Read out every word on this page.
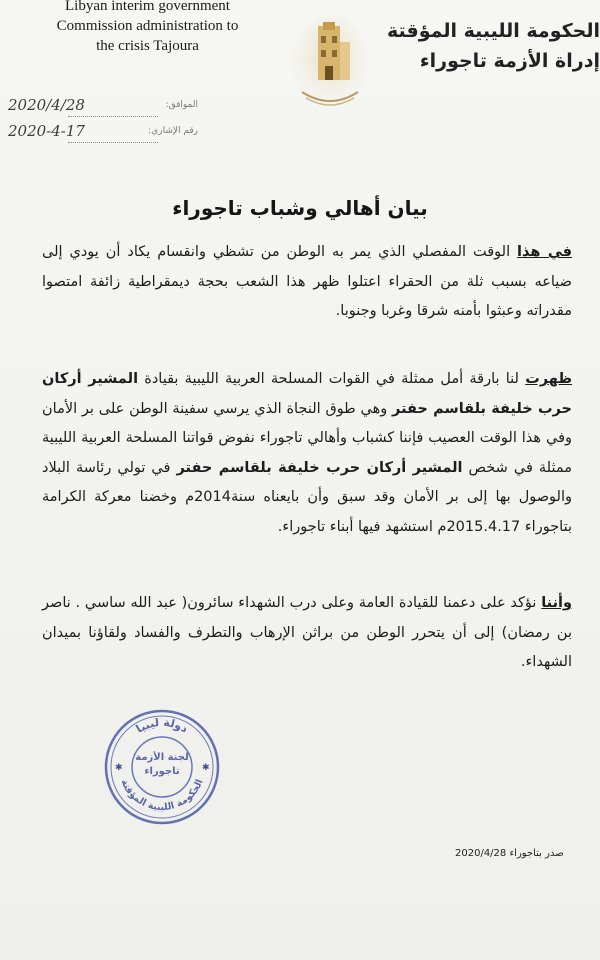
Libyan interim government
Commission administration to
the crisis Tajoura
الحكومة الليبية المؤقتة
إدراة الأزمة تاجوراء
2020/4/28	الموافق:
2020-4-17	رقم الإشاري:
بيان أهالي وشباب تاجوراء

في هذا الوقت المفصلي الذي يمر به الوطن من تشظي وانقسام يكاد أن يودي إلى ضياعه بسبب ثلة من الحقراء اعتلوا ظهر هذا الشعب بحجة ديمقراطية زائفة امتصوا مقدراته وعبثوا بأمنه شرقا وغربا وجنوبا.

ظهرت لنا بارقة أمل ممثلة في القوات المسلحة العربية الليبية بقيادة المشير أركان حرب خليفة بلقاسم حفتر وهي طوق النجاة الذي يرسي سفينة الوطن على بر الأمان وفي هذا الوقت العصيب فإننا كشباب وأهالي تاجوراء نفوض قواتنا المسلحة العربية الليبية ممثلة في شخص المشير أركان حرب خليفة بلقاسم حفتر في تولي رئاسة البلاد والوصول بها إلى بر الأمان وقد سبق وأن بايعناه سنة2014م وخضنا معركة الكرامة بتاجوراء 2015.4.17م استشهد فيها أبناء تاجوراء.

وأننا نؤكد على دعمنا للقيادة العامة وعلى درب الشهداء سائرون( عبد الله ساسي . ناصر بن رمضان) إلى أن يتحرر الوطن من براثن الإرهاب والتطرف والفساد ولقاؤنا بميدان الشهداء.

دولة ليبيا
الحكومة الليبية المؤقتة
لجنة الأزمة تاجوراء
✱	✱
صدر بتاجوراء 2020/4/28
